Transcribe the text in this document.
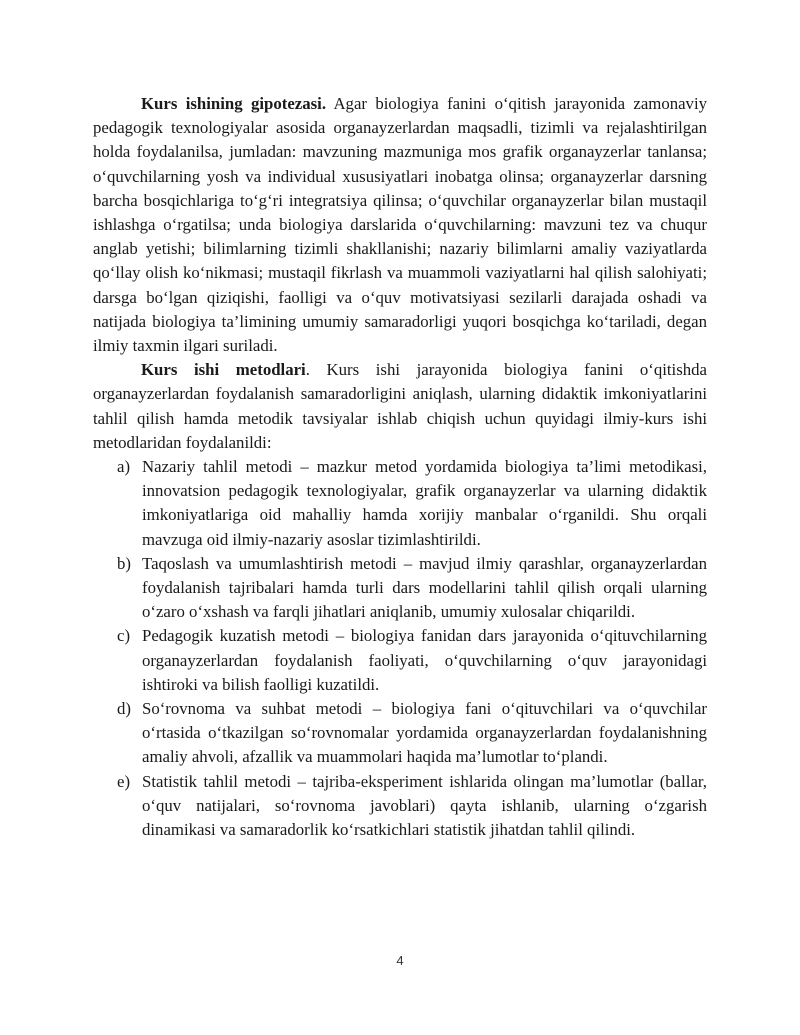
Kurs ishining gipotezasi. Agar biologiya fanini o‘qitish jarayonida zamonaviy pedagogik texnologiyalar asosida organayzerlardan maqsadli, tizimli va rejalashtirilgan holda foydalanilsa, jumladan: mavzuning mazmuniga mos grafik organayzerlar tanlansa; o‘quvchilarning yosh va individual xususiyatlari inobatga olinsa; organayzerlar darsning barcha bosqichlariga to‘g‘ri integratsiya qilinsa; o‘quvchilar organayzerlar bilan mustaqil ishlashga o‘rgatilsa; unda biologiya darslarida o‘quvchilarning: mavzuni tez va chuqur anglab yetishi; bilimlarning tizimli shakllanishi; nazariy bilimlarni amaliy vaziyatlarda qo‘llay olish ko‘nikmasi; mustaqil fikrlash va muammoli vaziyatlarni hal qilish salohiyati; darsga bo‘lgan qiziqishi, faolligi va o‘quv motivatsiyasi sezilarli darajada oshadi va natijada biologiya ta’limining umumiy samaradorligi yuqori bosqichga ko‘tariladi, degan ilmiy taxmin ilgari suriladi.

Kurs ishi metodlari. Kurs ishi jarayonida biologiya fanini o‘qitishda organayzerlardan foydalanish samaradorligini aniqlash, ularning didaktik imkoniyatlarini tahlil qilish hamda metodik tavsiyalar ishlab chiqish uchun quyidagi ilmiy-kurs ishi metodlaridan foydalanildi:

a) Nazariy tahlil metodi – mazkur metod yordamida biologiya ta’limi metodikasi, innovatsion pedagogik texnologiyalar, grafik organayzerlar va ularning didaktik imkoniyatlariga oid mahalliy hamda xorijiy manbalar o‘rganildi. Shu orqali mavzuga oid ilmiy-nazariy asoslar tizimlashtirildi.
b) Taqoslash va umumlashtirish metodi – mavjud ilmiy qarashlar, organayzerlardan foydalanish tajribalari hamda turli dars modellarini tahlil qilish orqali ularning o‘zaro o‘xshash va farqli jihatlari aniqlanib, umumiy xulosalar chiqarildi.
c) Pedagogik kuzatish metodi – biologiya fanidan dars jarayonida o‘qituvchilarning organayzerlardan foydalanish faoliyati, o‘quvchilarning o‘quv jarayonidagi ishtiroki va bilish faolligi kuzatildi.
d) So‘rovnoma va suhbat metodi – biologiya fani o‘qituvchilari va o‘quvchilar o‘rtasida o‘tkazilgan so‘rovnomalar yordamida organayzerlardan foydalanishning amaliy ahvoli, afzallik va muammolari haqida ma’lumotlar to‘plandi.
e) Statistik tahlil metodi – tajriba-eksperiment ishlarida olingan ma’lumotlar (ballar, o‘quv natijalari, so‘rovnoma javoblari) qayta ishlanib, ularning o‘zgarish dinamikasi va samaradorlik ko‘rsatkichlari statistik jihatdan tahlil qilindi.
4
